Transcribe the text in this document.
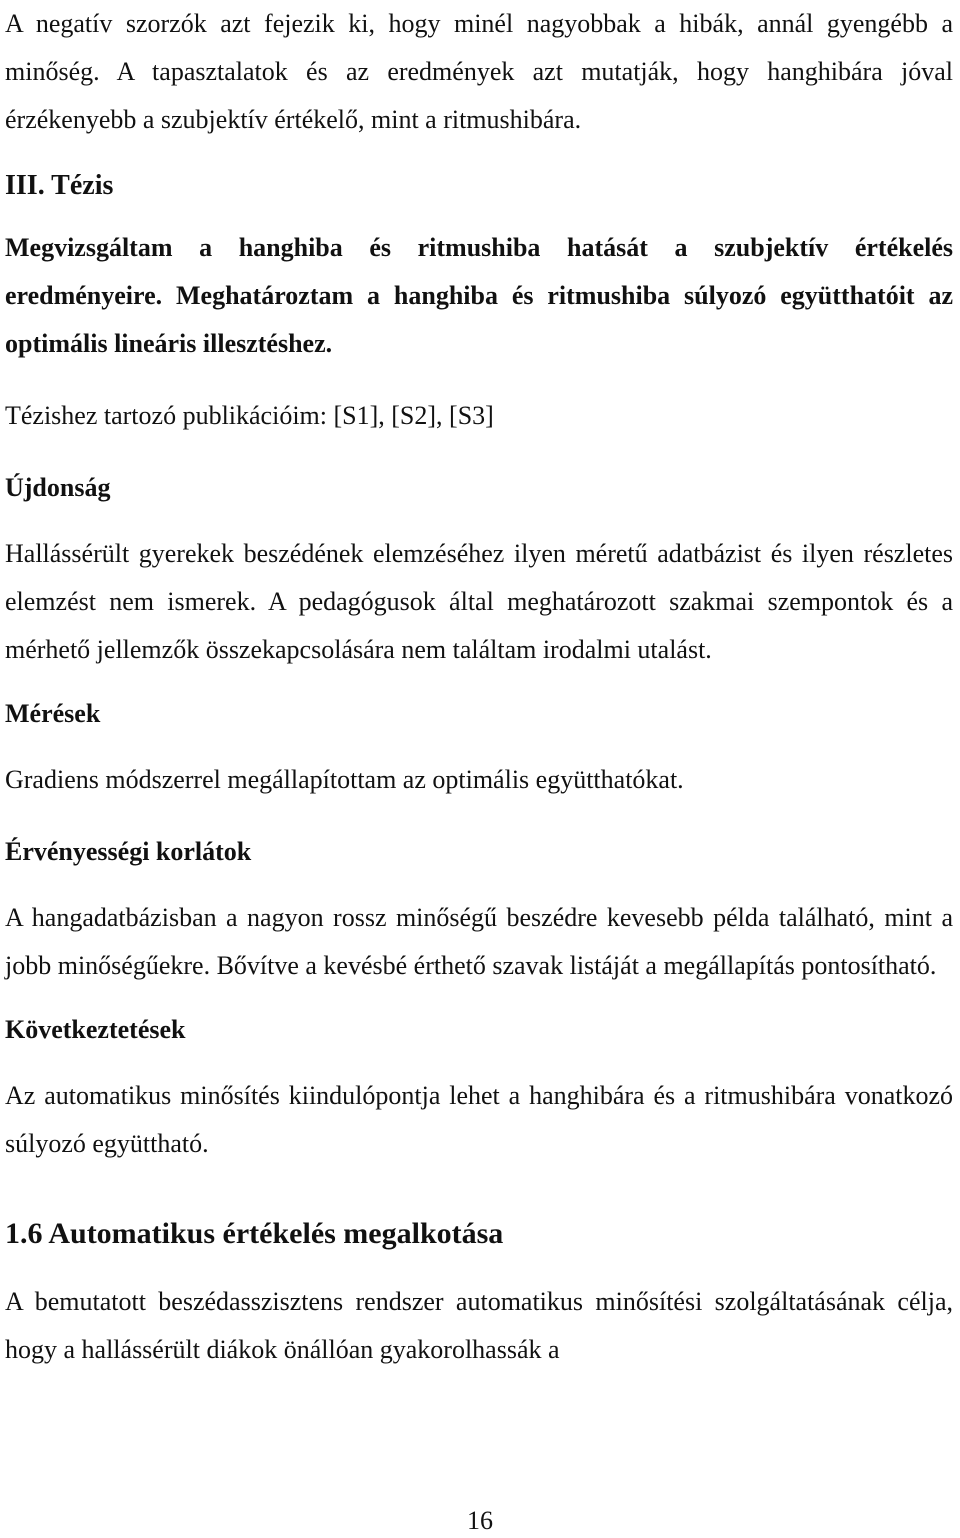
A negatív szorzók azt fejezik ki, hogy minél nagyobbak a hibák, annál gyengébb a minőség. A tapasztalatok és az eredmények azt mutatják, hogy hanghibára jóval érzékenyebb a szubjektív értékelő, mint a ritmushibára.

III. Tézis

Megvizsgáltam a hanghiba és ritmushiba hatását a szubjektív értékelés eredményeire. Meghatároztam a hanghiba és ritmushiba súlyozó együtthatóit az optimális lineáris illesztéshez.

Tézishez tartozó publikációim: [S1], [S2], [S3]

Újdonság

Hallássérült gyerekek beszédének elemzéséhez ilyen méretű adatbázist és ilyen részletes elemzést nem ismerek. A pedagógusok által meghatározott szakmai szempontok és a mérhető jellemzők összekapcsolására nem találtam irodalmi utalást.

Mérések

Gradiens módszerrel megállapítottam az optimális együtthatókat.

Érvényességi korlátok

A hangadatbázisban a nagyon rossz minőségű beszédre kevesebb példa található, mint a jobb minőségűekre. Bővítve a kevésbé érthető szavak listáját a megállapítás pontosítható.

Következtetések

Az automatikus minősítés kiindulópontja lehet a hanghibára és a ritmushibára vonatkozó súlyozó együttható.

1.6 Automatikus értékelés megalkotása

A bemutatott beszédasszisztens rendszer automatikus minősítési szolgáltatásának célja, hogy a hallássérült diákok önállóan gyakorolhassák a

16
